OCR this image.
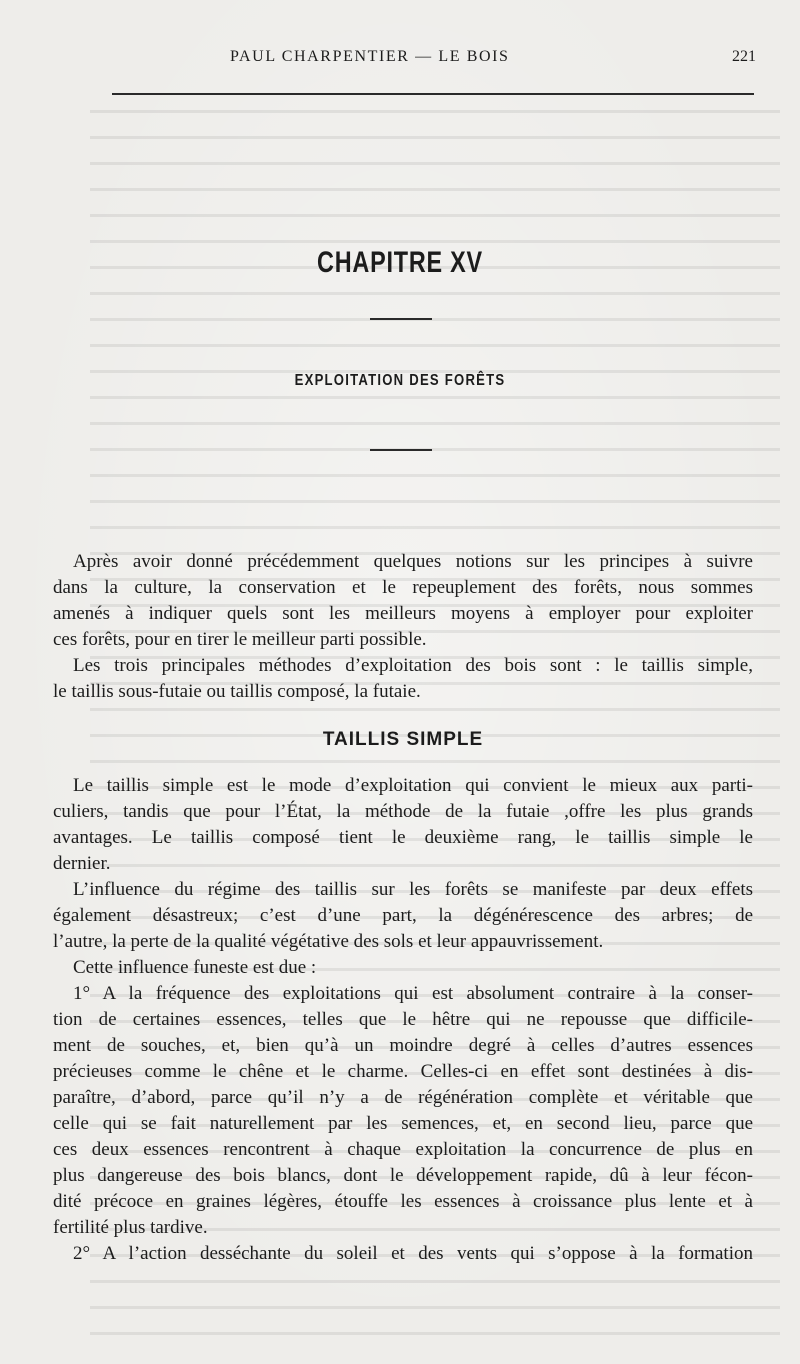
PAUL CHARPENTIER — LE BOIS	221
CHAPITRE XV
EXPLOITATION DES FORÊTS
Après avoir donné précédemment quelques notions sur les principes à suivre
dans la culture, la conservation et le repeuplement des forêts, nous sommes
amenés à indiquer quels sont les meilleurs moyens à employer pour exploiter
ces forêts, pour en tirer le meilleur parti possible.
Les trois principales méthodes d’exploitation des bois sont : le taillis simple,
le taillis sous-futaie ou taillis composé, la futaie.
TAILLIS SIMPLE
Le taillis simple est le mode d’exploitation qui convient le mieux aux parti-
culiers, tandis que pour l’État, la méthode de la futaie ,offre les plus grands
avantages. Le taillis composé tient le deuxième rang, le taillis simple le
dernier.
L’influence du régime des taillis sur les forêts se manifeste par deux effets
également désastreux; c’est d’une part, la dégénérescence des arbres; de
l’autre, la perte de la qualité végétative des sols et leur appauvrissement.
Cette influence funeste est due :
1° A la fréquence des exploitations qui est absolument contraire à la conser-
tion de certaines essences, telles que le hêtre qui ne repousse que difficile-
ment de souches, et, bien qu’à un moindre degré à celles d’autres essences
précieuses comme le chêne et le charme. Celles-ci en effet sont destinées à dis-
paraître, d’abord, parce qu’il n’y a de régénération complète et véritable que
celle qui se fait naturellement par les semences, et, en second lieu, parce que
ces deux essences rencontrent à chaque exploitation la concurrence de plus en
plus dangereuse des bois blancs, dont le développement rapide, dû à leur fécon-
dité précoce en graines légères, étouffe les essences à croissance plus lente et à
fertilité plus tardive.
2° A l’action desséchante du soleil et des vents qui s’oppose à la formation
